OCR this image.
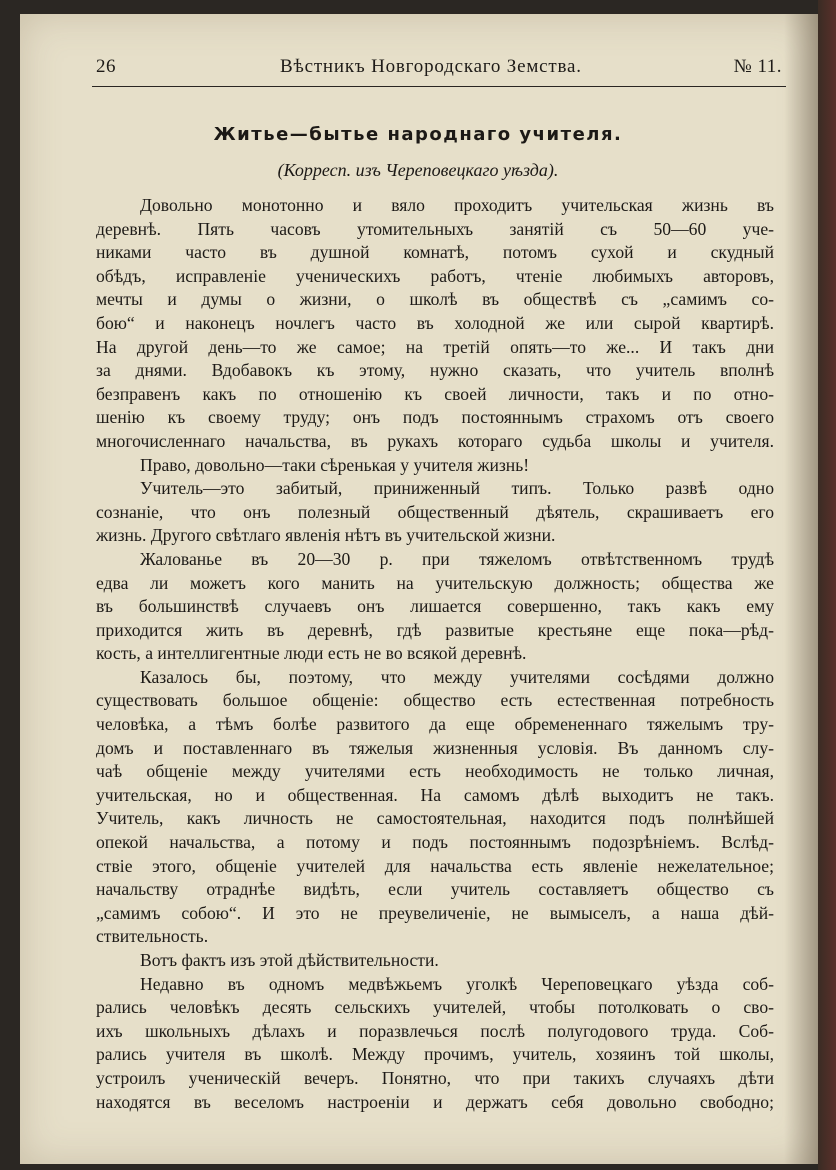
26	Вѣстникъ Новгородскаго Земства.	№ 11.
Житье—бытье народнаго учителя.
(Корресп. изъ Череповецкаго уѣзда).
Довольно монотонно и вяло проходитъ учительская жизнь въ
деревнѣ. Пять часовъ утомительныхъ занятій съ 50—60 уче-
никами часто въ душной комнатѣ, потомъ сухой и скудный
обѣдъ, исправленіе ученическихъ работъ, чтеніе любимыхъ авторовъ,
мечты и думы о жизни, о школѣ въ обществѣ съ „самимъ со-
бою“ и наконецъ ночлегъ часто въ холодной же или сырой квартирѣ.
На другой день—то же самое; на третій опять—то же... И такъ дни
за днями. Вдобавокъ къ этому, нужно сказать, что учитель вполнѣ
безправенъ какъ по отношенію къ своей личности, такъ и по отно-
шенію къ своему труду; онъ подъ постояннымъ страхомъ отъ своего
многочисленнаго начальства, въ рукахъ котораго судьба школы и учителя.
Право, довольно—таки сѣренькая у учителя жизнь!
Учитель—это забитый, приниженный типъ. Только развѣ одно
сознаніе, что онъ полезный общественный дѣятель, скрашиваетъ его
жизнь. Другого свѣтлаго явленія нѣтъ въ учительской жизни.
Жалованье въ 20—30 р. при тяжеломъ отвѣтственномъ трудѣ
едва ли можетъ кого манить на учительскую должность; общества же
въ большинствѣ случаевъ онъ лишается совершенно, такъ какъ ему
приходится жить въ деревнѣ, гдѣ развитые крестьяне еще пока—рѣд-
кость, а интеллигентные люди есть не во всякой деревнѣ.
Казалось бы, поэтому, что между учителями сосѣдями должно
существовать большое общеніе: общество есть естественная потребность
человѣка, а тѣмъ болѣе развитого да еще обремененнаго тяжелымъ тру-
домъ и поставленнаго въ тяжелыя жизненныя условія. Въ данномъ слу-
чаѣ общеніе между учителями есть необходимость не только личная,
учительская, но и общественная. На самомъ дѣлѣ выходитъ не такъ.
Учитель, какъ личность не самостоятельная, находится подъ полнѣйшей
опекой начальства, а потому и подъ постояннымъ подозрѣніемъ. Вслѣд-
ствіе этого, общеніе учителей для начальства есть явленіе нежелательное;
начальству отраднѣе видѣть, если учитель составляетъ общество съ
„самимъ собою“. И это не преувеличеніе, не вымыселъ, а наша дѣй-
ствительность.
Вотъ фактъ изъ этой дѣйствительности.
Недавно въ одномъ медвѣжьемъ уголкѣ Череповецкаго уѣзда соб-
рались человѣкъ десять сельскихъ учителей, чтобы потолковать о сво-
ихъ школьныхъ дѣлахъ и поразвлечься послѣ полугодового труда. Соб-
рались учителя въ школѣ. Между прочимъ, учитель, хозяинъ той школы,
устроилъ ученическій вечеръ. Понятно, что при такихъ случаяхъ дѣти
находятся въ веселомъ настроеніи и держатъ себя довольно свободно;
